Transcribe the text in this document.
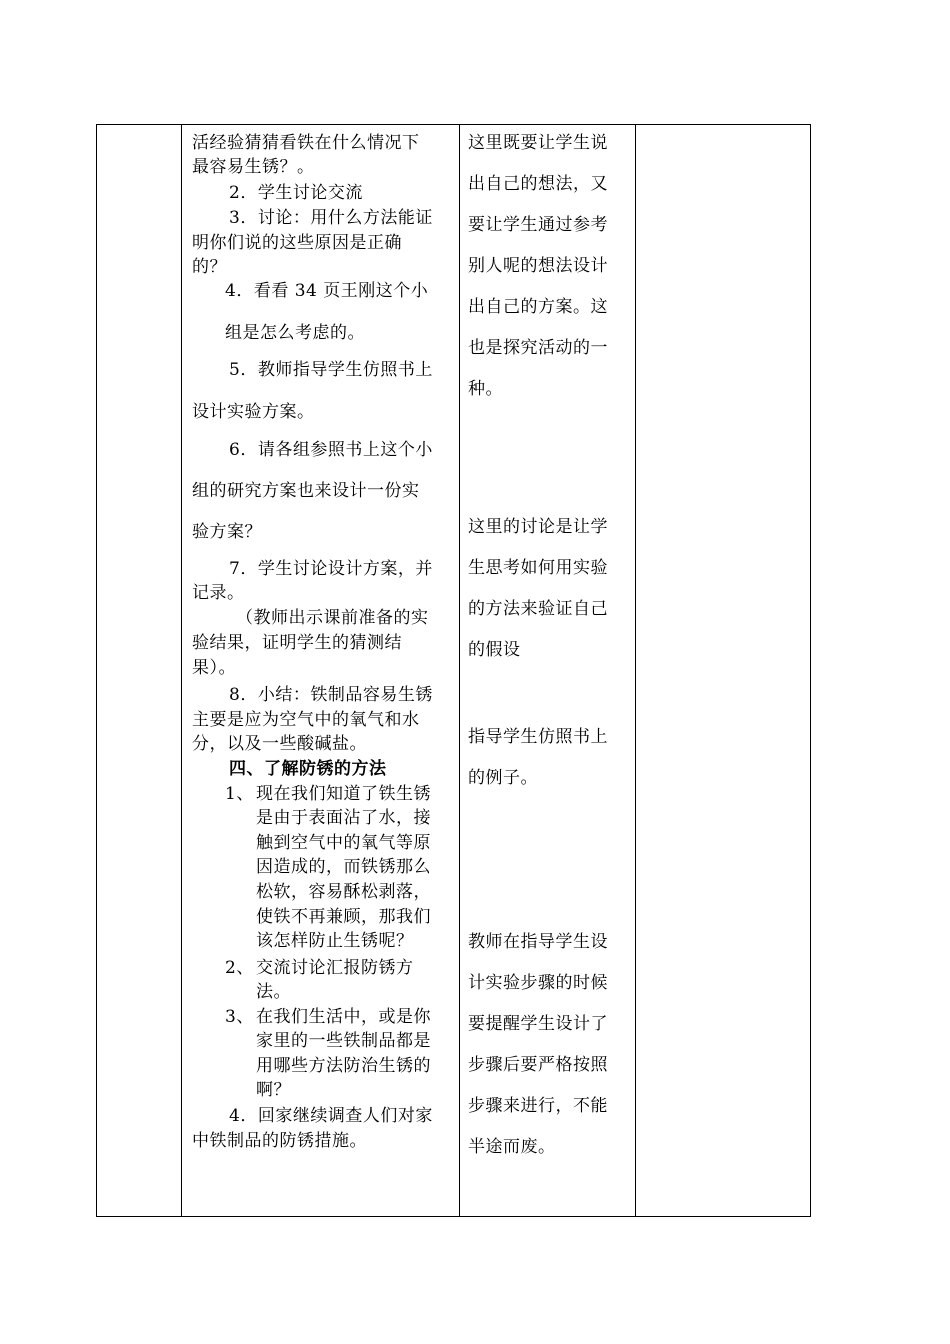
活经验猜猜看铁在什么情况下

最容易生锈？。

2．学生讨论交流

3．讨论：用什么方法能证

明你们说的这些原因是正确

的？

4．看看 34 页王刚这个小

组是怎么考虑的。

5．教师指导学生仿照书上

设计实验方案。

6．请各组参照书上这个小

组的研究方案也来设计一份实

验方案？

7．学生讨论设计方案，并

记录。

（教师出示课前准备的实

验结果，证明学生的猜测结

果）。

8．小结：铁制品容易生锈

主要是应为空气中的氧气和水

分，以及一些酸碱盐。

四、了解防锈的方法

1、 现在我们知道了铁生锈

是由于表面沾了水，接

触到空气中的氧气等原

因造成的，而铁锈那么

松软，容易酥松剥落，

使铁不再兼顾，那我们

该怎样防止生锈呢？

2、 交流讨论汇报防锈方

法。

3、 在我们生活中，或是你

家里的一些铁制品都是

用哪些方法防治生锈的

啊？

4．回家继续调查人们对家

中铁制品的防锈措施。

这里既要让学生说

出自己的想法，又

要让学生通过参考

别人呢的想法设计

出自己的方案。这

也是探究活动的一

种。

这里的讨论是让学

生思考如何用实验

的方法来验证自己

的假设

指导学生仿照书上

的例子。

教师在指导学生设

计实验步骤的时候

要提醒学生设计了

步骤后要严格按照

步骤来进行，不能

半途而废。
